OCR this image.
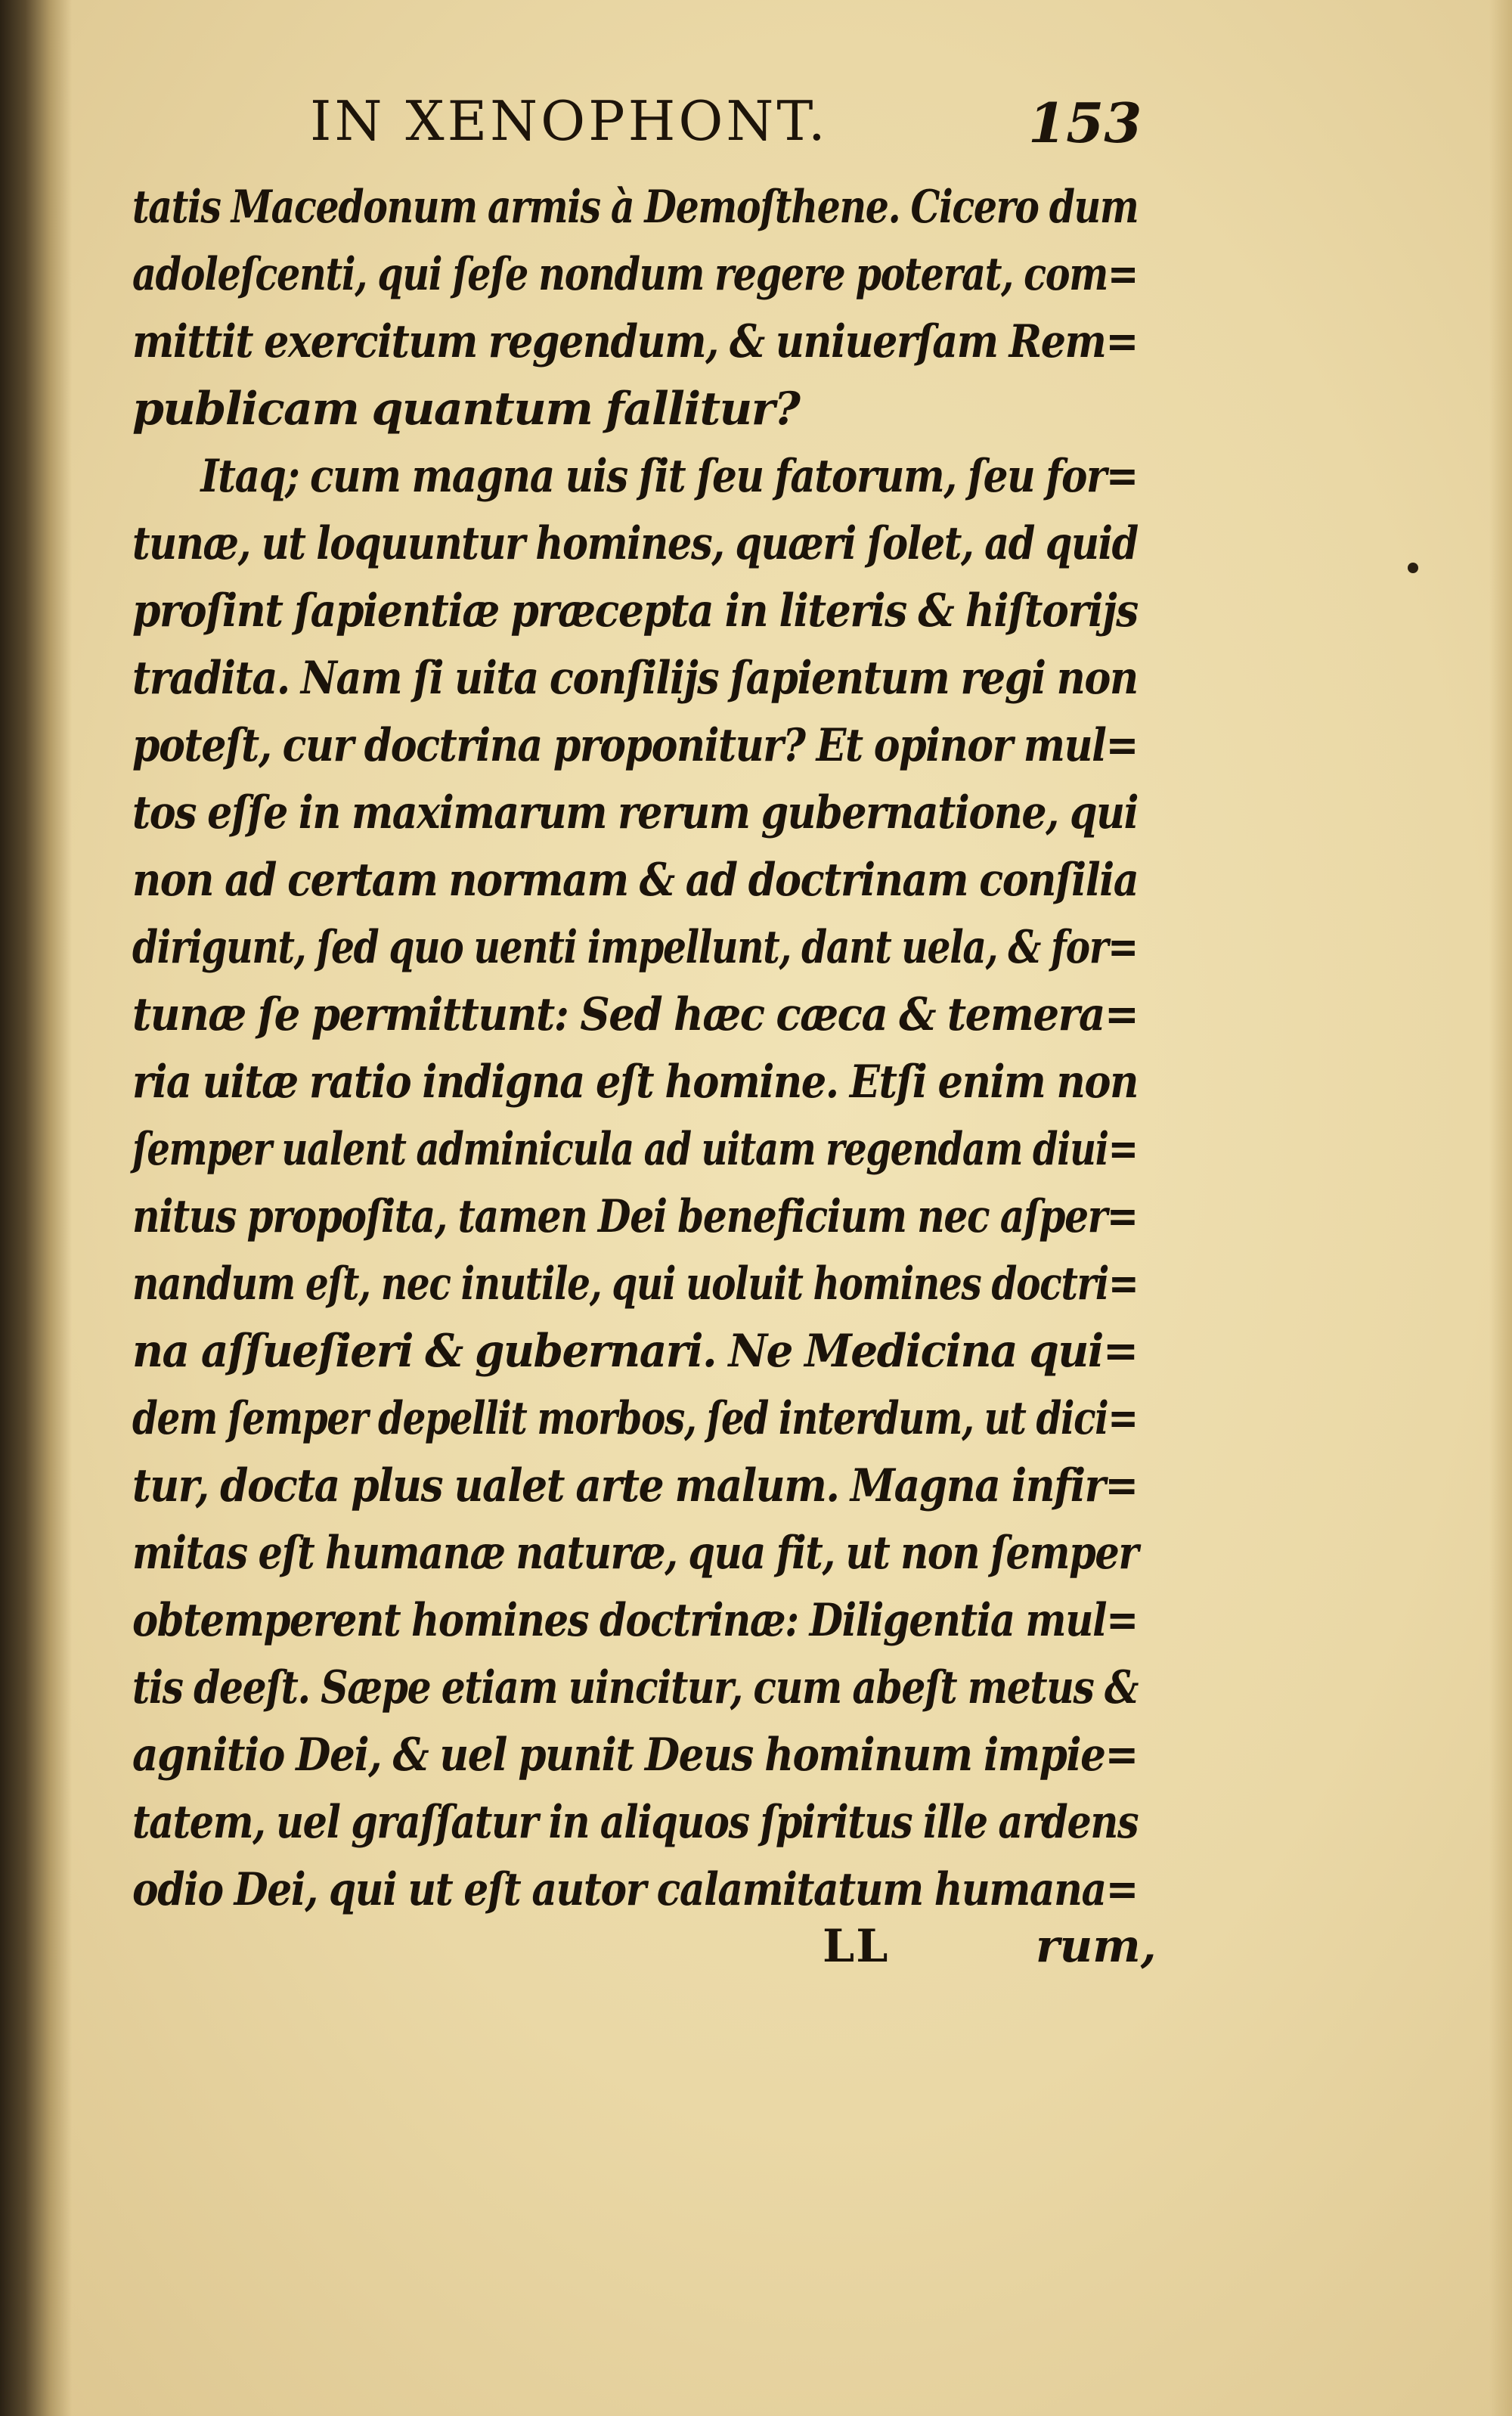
IN XENOPHONT.	153
tatis Macedonum armis à Demoſthene. Cicero dum
adoleſcenti, qui ſeſe nondum regere poterat, com=
mittit exercitum regendum, & uniuerſam Rem=
publicam quantum fallitur?
Itaq; cum magna uis ſit ſeu fatorum, ſeu for=
tunæ, ut loquuntur homines, quæri ſolet, ad quid
proſint ſapientiæ præcepta in literis & hiſtorijs
tradita. Nam ſi uita conſilijs ſapientum regi non
poteſt, cur doctrina proponitur? Et opinor mul=
tos eſſe in maximarum rerum gubernatione, qui
non ad certam normam & ad doctrinam conſilia
dirigunt, ſed quo uenti impellunt, dant uela, & for=
tunæ ſe permittunt: Sed hæc cæca & temera=
ria uitæ ratio indigna eſt homine. Etſi enim non
ſemper ualent adminicula ad uitam regendam diui=
nitus propoſita, tamen Dei beneficium nec aſper=
nandum eſt, nec inutile, qui uoluit homines doctri=
na aſſueſieri & gubernari. Ne Medicina qui=
dem ſemper depellit morbos, ſed interdum, ut dici=
tur, docta plus ualet arte malum. Magna infir=
mitas eſt humanæ naturæ, qua fit, ut non ſemper
obtemperent homines doctrinæ: Diligentia mul=
tis deeſt. Sæpe etiam uincitur, cum abeſt metus &
agnitio Dei, & uel punit Deus hominum impie=
tatem, uel graſſatur in aliquos ſpiritus ille ardens
odio Dei, qui ut eſt autor calamitatum humana=
LL	rum,
